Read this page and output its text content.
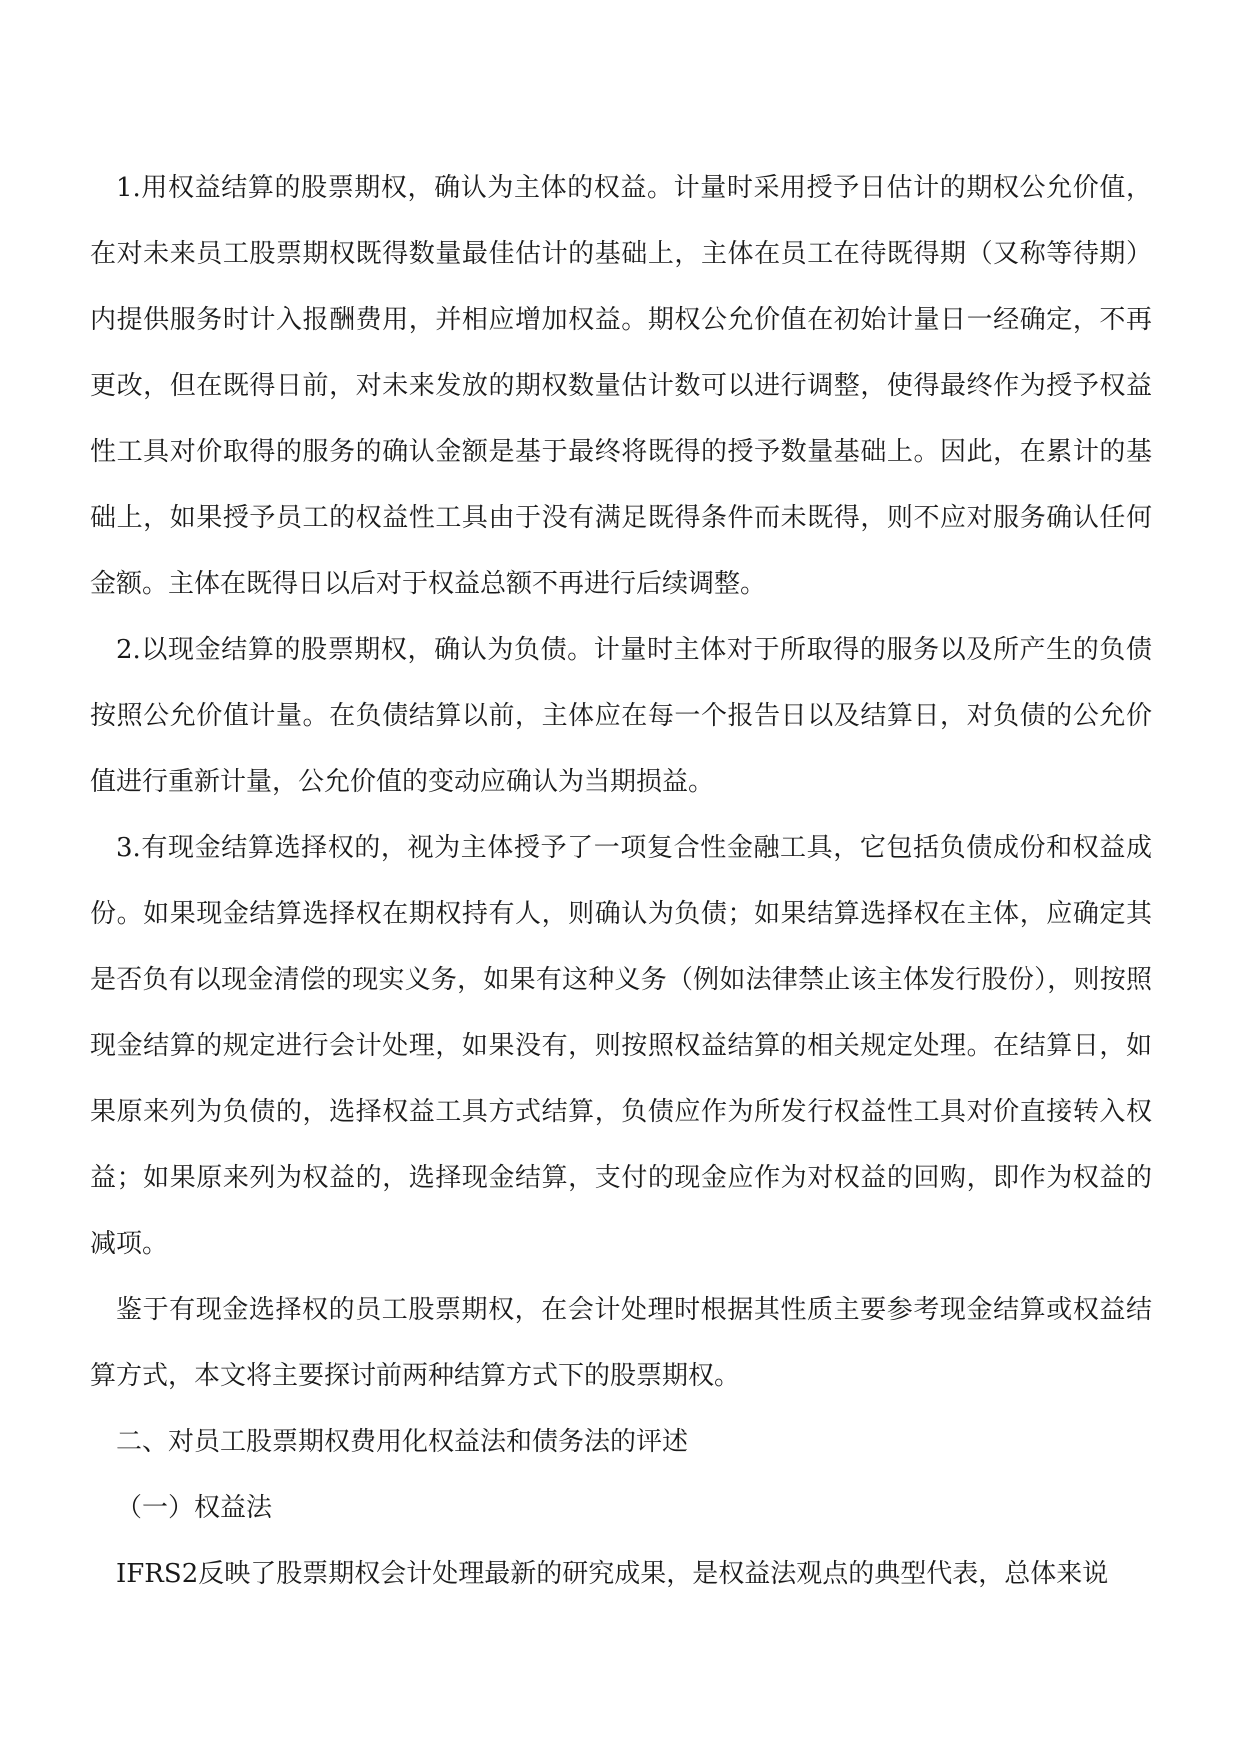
1.用权益结算的股票期权，确认为主体的权益。计量时采用授予日估计的期权公允价值，在对未来员工股票期权既得数量最佳估计的基础上，主体在员工在待既得期（又称等待期）内提供服务时计入报酬费用，并相应增加权益。期权公允价值在初始计量日一经确定，不再更改，但在既得日前，对未来发放的期权数量估计数可以进行调整，使得最终作为授予权益性工具对价取得的服务的确认金额是基于最终将既得的授予数量基础上。因此，在累计的基础上，如果授予员工的权益性工具由于没有满足既得条件而未既得，则不应对服务确认任何金额。主体在既得日以后对于权益总额不再进行后续调整。

2.以现金结算的股票期权，确认为负债。计量时主体对于所取得的服务以及所产生的负债按照公允价值计量。在负债结算以前，主体应在每一个报告日以及结算日，对负债的公允价值进行重新计量，公允价值的变动应确认为当期损益。

3.有现金结算选择权的，视为主体授予了一项复合性金融工具，它包括负债成份和权益成份。如果现金结算选择权在期权持有人，则确认为负债；如果结算选择权在主体，应确定其是否负有以现金清偿的现实义务，如果有这种义务（例如法律禁止该主体发行股份），则按照现金结算的规定进行会计处理，如果没有，则按照权益结算的相关规定处理。在结算日，如果原来列为负债的，选择权益工具方式结算，负债应作为所发行权益性工具对价直接转入权益；如果原来列为权益的，选择现金结算，支付的现金应作为对权益的回购，即作为权益的减项。

鉴于有现金选择权的员工股票期权，在会计处理时根据其性质主要参考现金结算或权益结算方式，本文将主要探讨前两种结算方式下的股票期权。

二、对员工股票期权费用化权益法和债务法的评述

（一）权益法

IFRS2反映了股票期权会计处理最新的研究成果，是权益法观点的典型代表，总体来说
